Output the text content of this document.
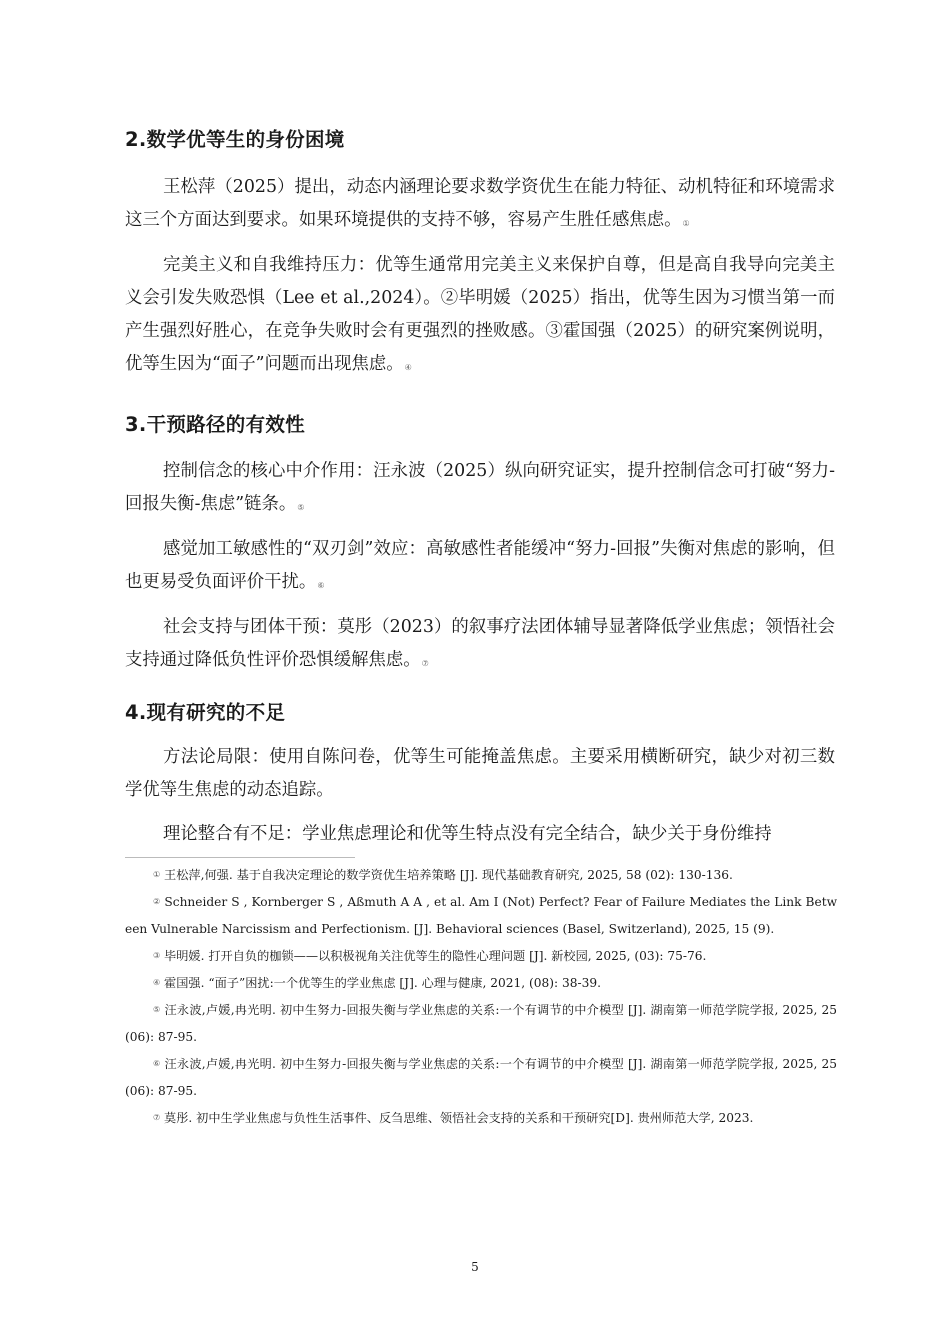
2.数学优等生的身份困境

王松萍（2025）提出，动态内涵理论要求数学资优生在能力特征、动机特征和环境需求这三个方面达到要求。如果环境提供的支持不够，容易产生胜任感焦虑。①

完美主义和自我维持压力：优等生通常用完美主义来保护自尊，但是高自我导向完美主义会引发失败恐惧（Lee et al.,2024）。②毕明媛（2025）指出，优等生因为习惯当第一而产生强烈好胜心，在竞争失败时会有更强烈的挫败感。③霍国强（2025）的研究案例说明，优等生因为“面子”问题而出现焦虑。④

3.干预路径的有效性

控制信念的核心中介作用：汪永波（2025）纵向研究证实，提升控制信念可打破“努力-回报失衡-焦虑”链条。⑤

感觉加工敏感性的“双刃剑”效应：高敏感性者能缓冲“努力-回报”失衡对焦虑的影响，但也更易受负面评价干扰。⑥

社会支持与团体干预：莫彤（2023）的叙事疗法团体辅导显著降低学业焦虑；领悟社会支持通过降低负性评价恐惧缓解焦虑。⑦

4.现有研究的不足

方法论局限：使用自陈问卷，优等生可能掩盖焦虑。主要采用横断研究，缺少对初三数学优等生焦虑的动态追踪。

理论整合有不足：学业焦虑理论和优等生特点没有完全结合，缺少关于身份维持

① 王松萍,何强. 基于自我决定理论的数学资优生培养策略 [J]. 现代基础教育研究, 2025, 58 (02): 130-136.

② Schneider S , Kornberger S , Aßmuth A A , et al. Am I (Not) Perfect? Fear of Failure Mediates the Link Between Vulnerable Narcissism and Perfectionism. [J]. Behavioral sciences (Basel, Switzerland), 2025, 15 (9).

③ 毕明媛. 打开自负的枷锁——以积极视角关注优等生的隐性心理问题 [J]. 新校园, 2025, (03): 75-76.

④ 霍国强. “面子”困扰:一个优等生的学业焦虑 [J]. 心理与健康, 2021, (08): 38-39.

⑤ 汪永波,卢媛,冉光明. 初中生努力-回报失衡与学业焦虑的关系:一个有调节的中介模型 [J]. 湖南第一师范学院学报, 2025, 25 (06): 87-95.

⑥ 汪永波,卢媛,冉光明. 初中生努力-回报失衡与学业焦虑的关系:一个有调节的中介模型 [J]. 湖南第一师范学院学报, 2025, 25 (06): 87-95.

⑦ 莫彤. 初中生学业焦虑与负性生活事件、反刍思维、领悟社会支持的关系和干预研究[D]. 贵州师范大学, 2023.

5
